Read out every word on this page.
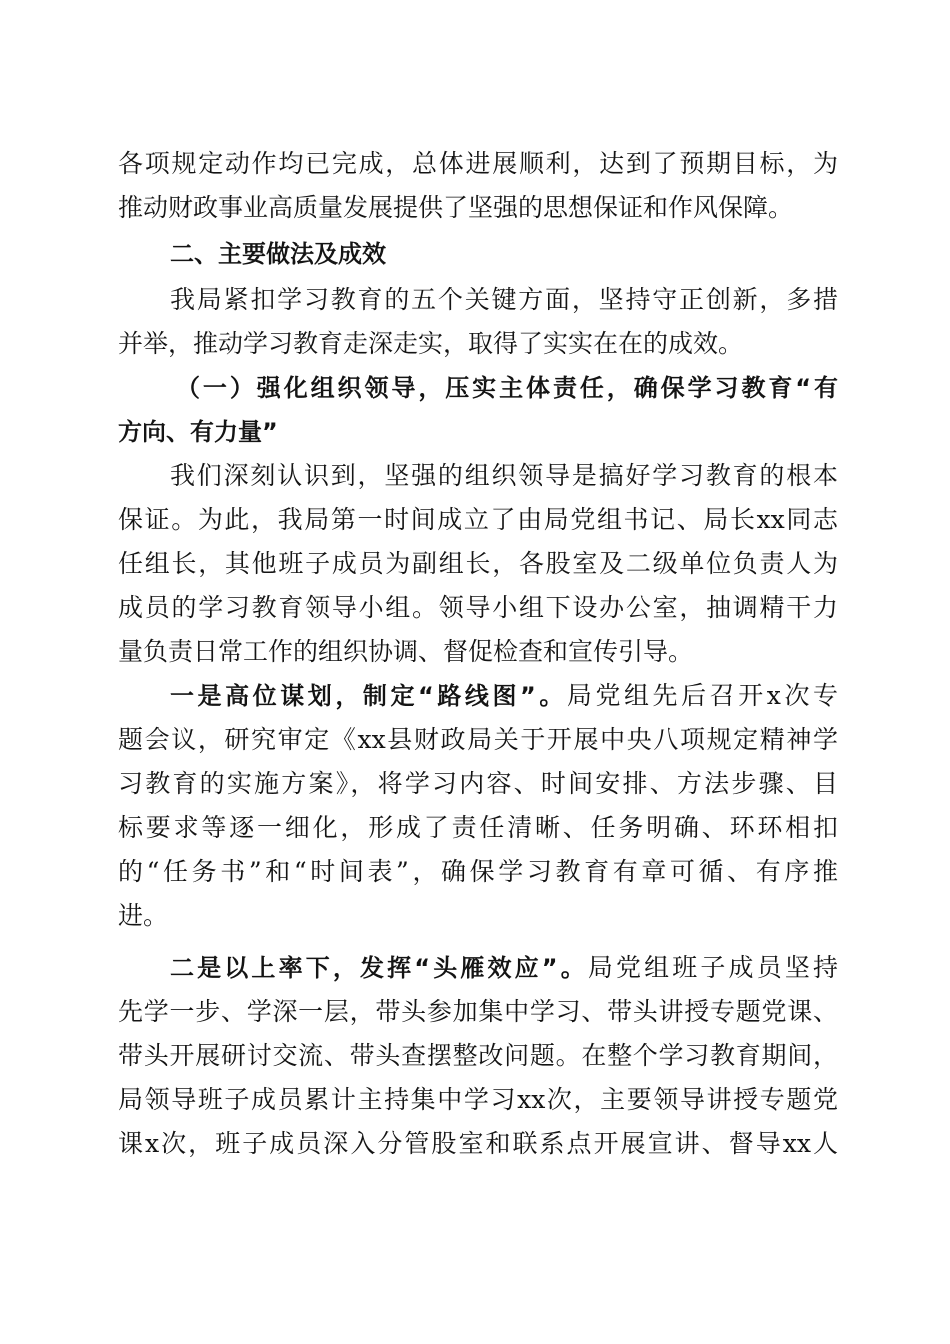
各项规定动作均已完成，总体进展顺利，达到了预期目标，为
推动财政事业高质量发展提供了坚强的思想保证和作风保障。
二、主要做法及成效
我局紧扣学习教育的五个关键方面，坚持守正创新，多措
并举，推动学习教育走深走实，取得了实实在在的成效。
（一）强化组织领导，压实主体责任，确保学习教育“有
方向、有力量”
我们深刻认识到，坚强的组织领导是搞好学习教育的根本
保证。为此，我局第一时间成立了由局党组书记、局长xx同志
任组长，其他班子成员为副组长，各股室及二级单位负责人为
成员的学习教育领导小组。领导小组下设办公室，抽调精干力
量负责日常工作的组织协调、督促检查和宣传引导。
一是高位谋划，制定“路线图”。局党组先后召开x次专
题会议，研究审定《xx县财政局关于开展中央八项规定精神学
习教育的实施方案》，将学习内容、时间安排、方法步骤、目
标要求等逐一细化，形成了责任清晰、任务明确、环环相扣
的“任务书”和“时间表”，确保学习教育有章可循、有序推
进。
二是以上率下，发挥“头雁效应”。局党组班子成员坚持
先学一步、学深一层，带头参加集中学习、带头讲授专题党课、
带头开展研讨交流、带头查摆整改问题。在整个学习教育期间，
局领导班子成员累计主持集中学习xx次，主要领导讲授专题党
课x次，班子成员深入分管股室和联系点开展宣讲、督导xx人
